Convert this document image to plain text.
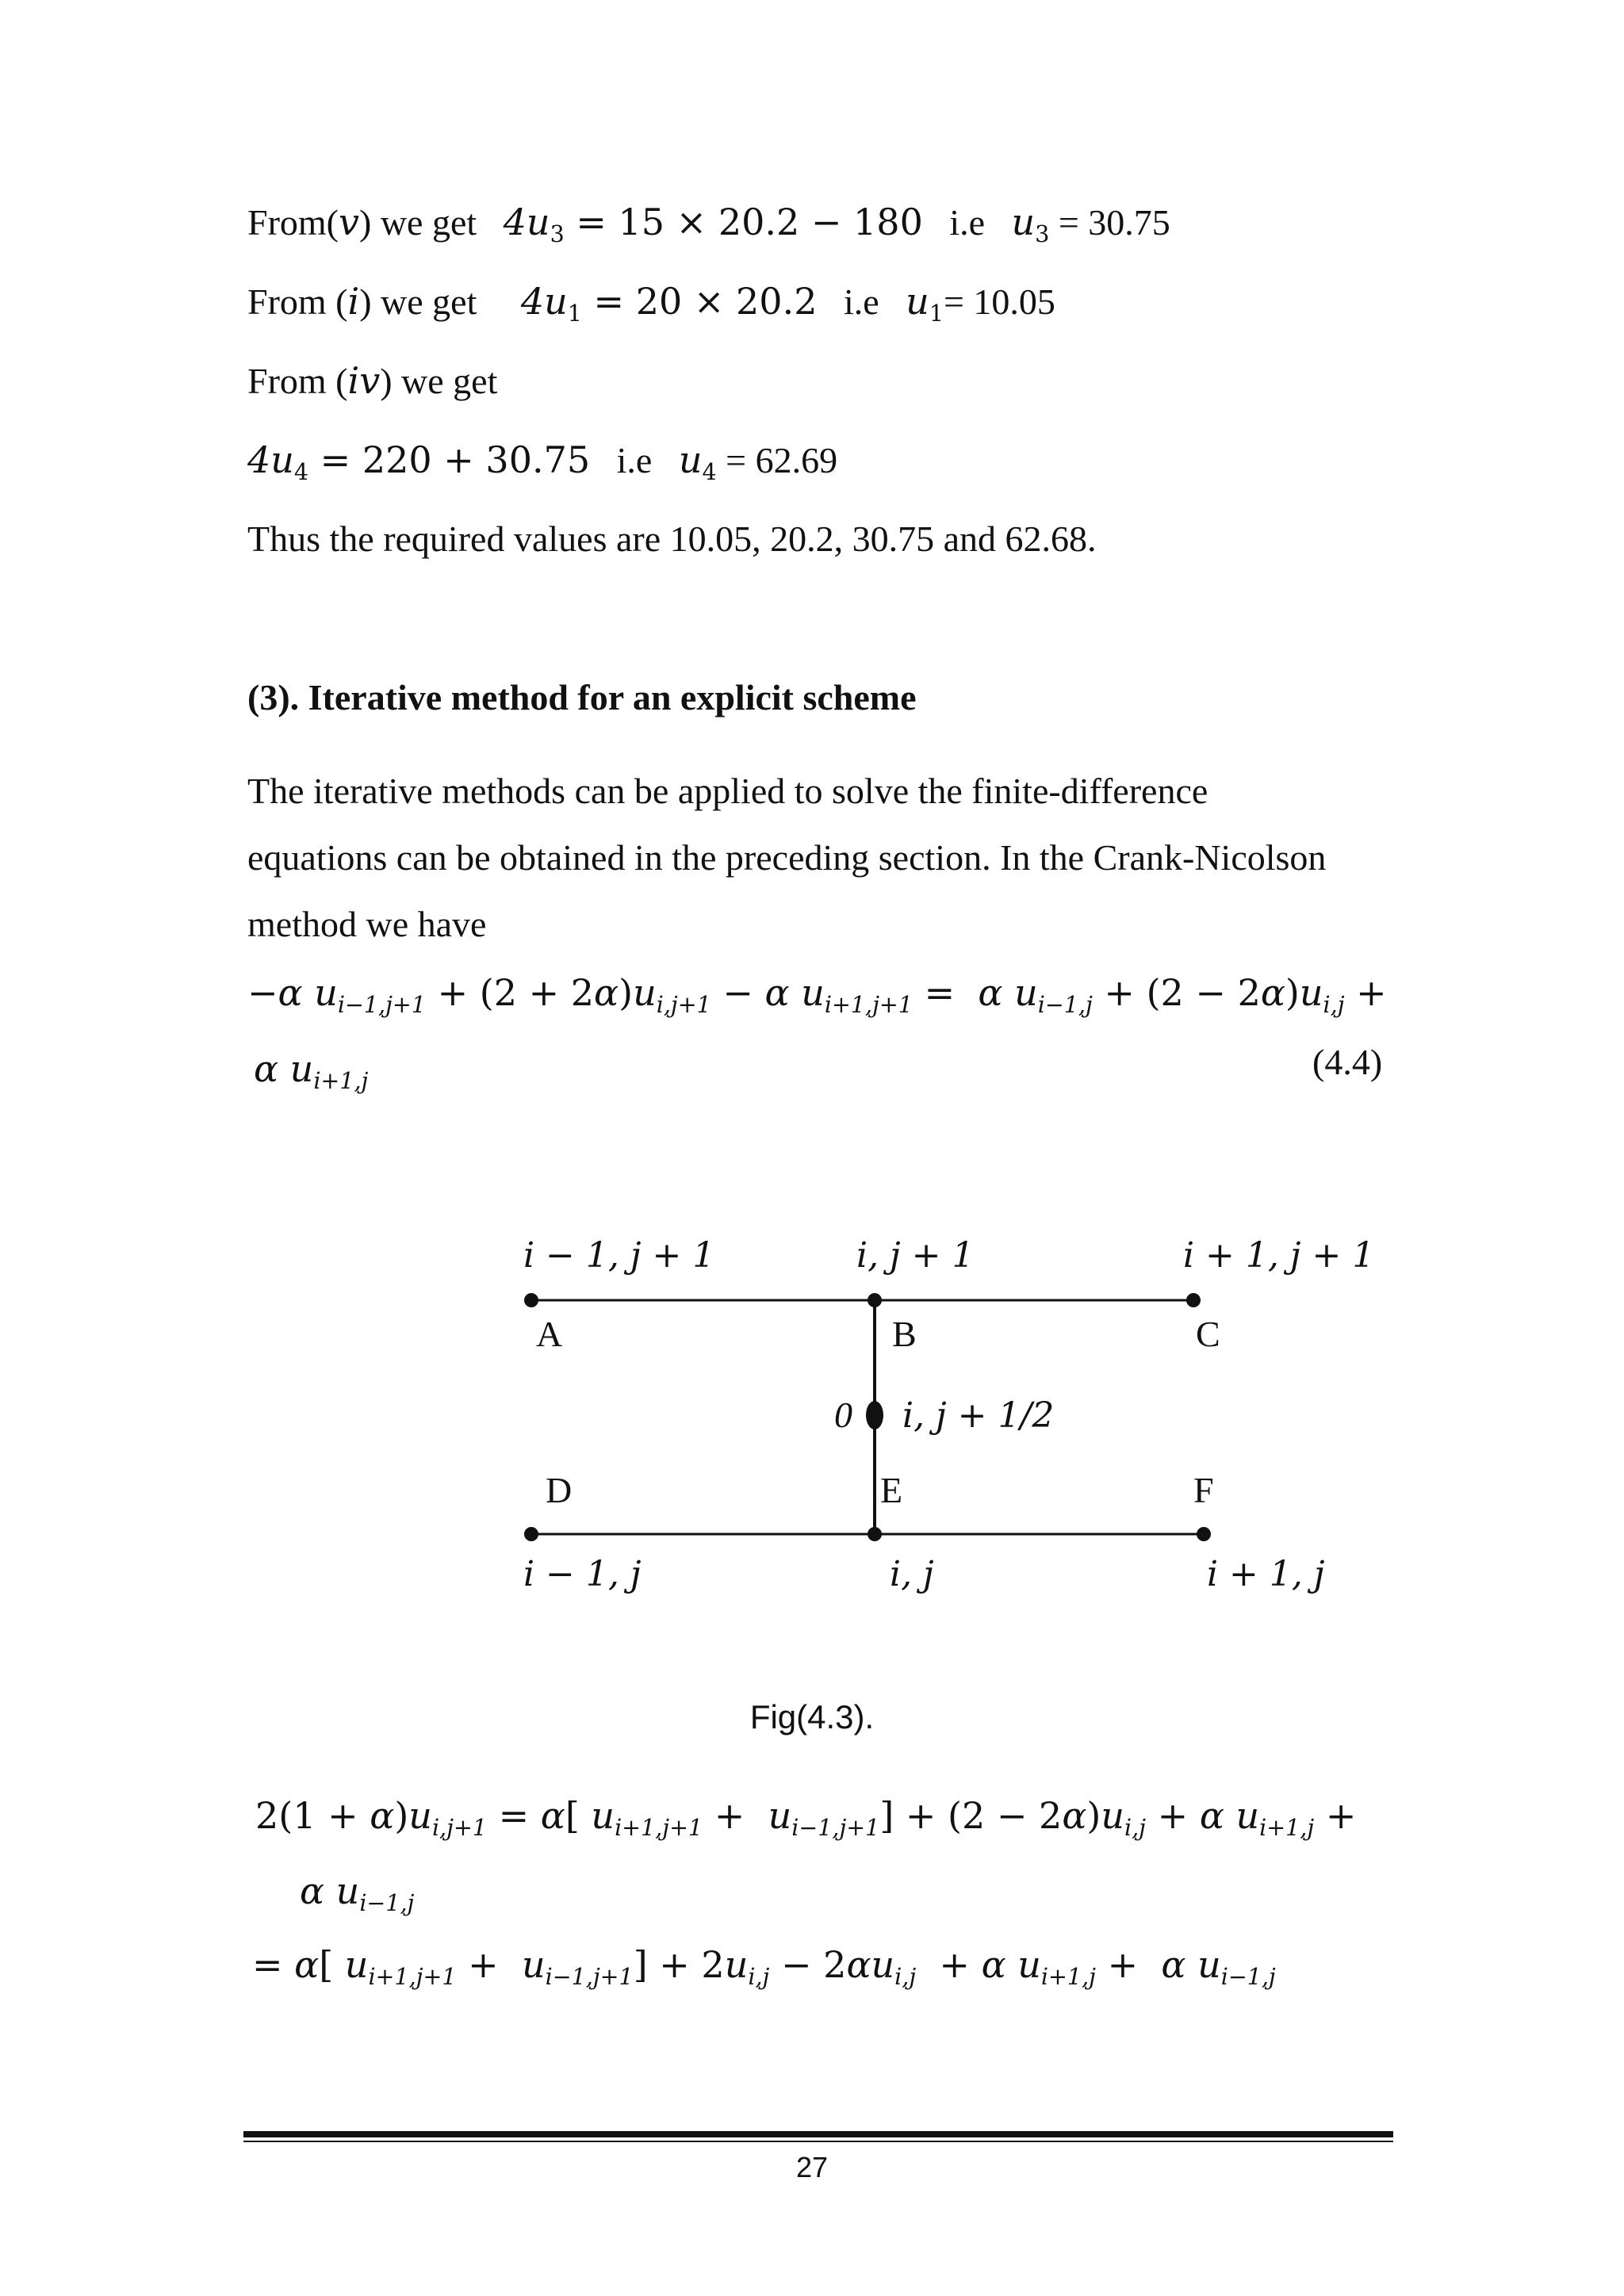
From(v) we get $4u_3 = 15 \times 20.2 - 180$ i.e $u_3 = 30.75$
From (i) we get $4u_1 = 20 \times 20.2$ i.e $u_1= 10.05$
From (iv) we get
$4u_4 = 220 + 30.75$ i.e $u_4 = 62.69$
Thus the required values are 10.05, 20.2, 30.75 and 62.68.
(3). Iterative method for an explicit scheme
The iterative methods can be applied to solve the finite-difference
equations can be obtained in the preceding section. In the Crank-Nicolson
method we have
−α $u_{i-1,j+1} + (2 + 2\alpha)u_{i,j+1} - \alpha$ $u_{i+1,j+1} = \alpha$ $u_{i-1,j} + (2 - 2\alpha)u_{i,j}$ +
α $u_{i+1,j}$	(4.4)
i − 1, j + 1	i, j + 1	i + 1, j + 1
i, j + 1/2
i − 1, j	i, j	i + 1, j
A	B	C
0
D	E	F
Fig(4.3).
$2(1 + \alpha)u_{i,j+1} = \alpha$[ $u_{i+1,j+1} + u_{i-1,j+1}] + (2 - 2\alpha)u_{i,j} + \alpha$ $u_{i+1,j}$ +
α $u_{i-1,j}$
= α[ $u_{i+1,j+1} + u_{i-1,j+1}] + 2u_{i,j} - 2\alpha u_{i,j} + \alpha$ $u_{i+1,j} + \alpha$ $u_{i-1,j}$
27
